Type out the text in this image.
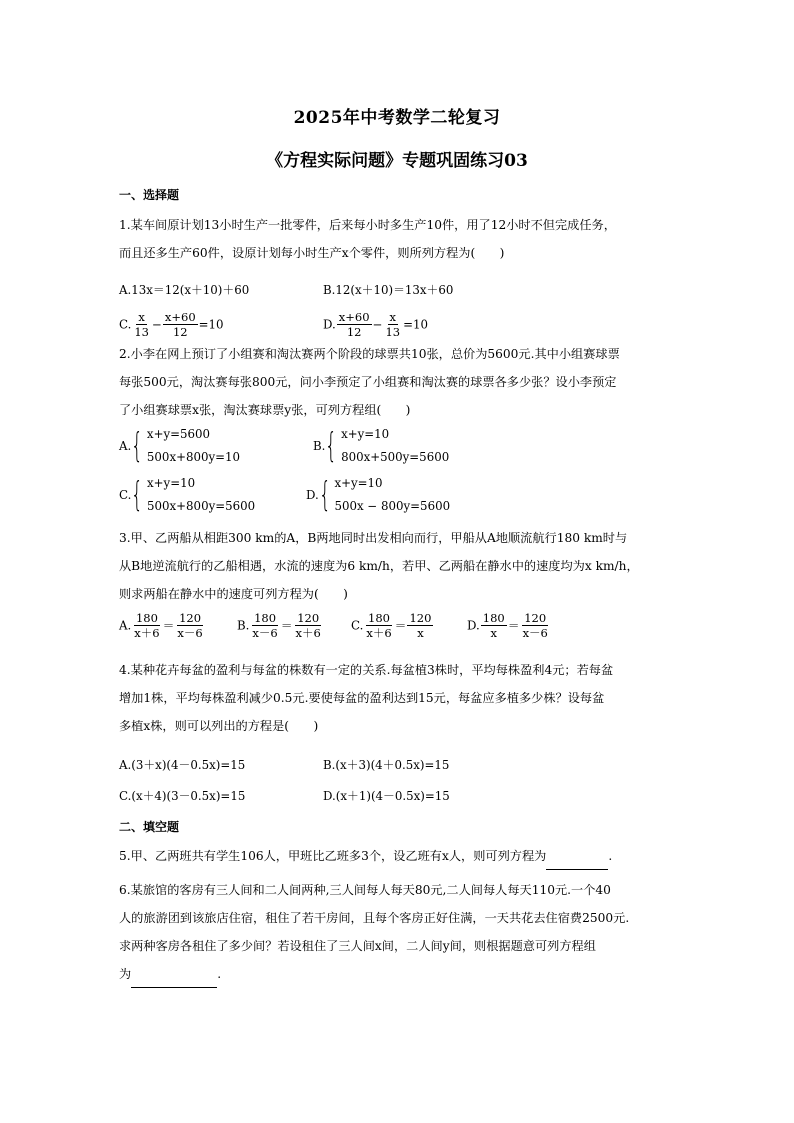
2025年中考数学二轮复习
《方程实际问题》专题巩固练习03
一、选择题
1.某车间原计划13小时生产一批零件，后来每小时多生产10件，用了12小时不但完成任务，
而且还多生产60件，设原计划每小时生产x个零件，则所列方程为(　　)
A.13x＝12(x＋10)＋60	B.12(x＋10)＝13x＋60
C. $\frac{x}{13} - \frac{x+60}{12} =10$	D. $\frac{x+60}{12} - \frac{x}{13} =10$
2.小李在网上预订了小组赛和淘汰赛两个阶段的球票共10张，总价为5600元.其中小组赛球票
每张500元，淘汰赛每张800元，问小李预定了小组赛和淘汰赛的球票各多少张？设小李预定
了小组赛球票x张，淘汰赛球票y张，可列方程组(　　)
A. { x+y=5600
500x+800y=10
B. { x+y=10
800x+500y=5600
C. { x+y=10
500x+800y=5600
D. { x+y=10
500x − 800y=5600
3.甲、乙两船从相距300 km的A，B两地同时出发相向而行，甲船从A地顺流航行180 km时与
从B地逆流航行的乙船相遇，水流的速度为6 km/h，若甲、乙两船在静水中的速度均为x km/h，
则求两船在静水中的速度可列方程为(　　)
A. $\frac{180}{x+6} = \frac{120}{x-6}$	B. $\frac{180}{x-6} = \frac{120}{x+6} C$. $\frac{180}{x+6} = \frac{120}{x}$	D. $\frac{180}{x} = \frac{120}{x-6}$
4.某种花卉每盆的盈利与每盆的株数有一定的关系.每盆植3株时，平均每株盈利4元；若每盆
增加1株，平均每株盈利减少0.5元.要使每盆的盈利达到15元，每盆应多植多少株？设每盆
多植x株，则可以列出的方程是(　　)
A.(3＋x)(4－0.5x)=15	B.(x＋3)(4＋0.5x)=15
C.(x＋4)(3－0.5x)=15	D.(x＋1)(4－0.5x)=15
二、填空题
5.甲、乙两班共有学生106人，甲班比乙班多3个，设乙班有x人，则可列方程为	.
6.某旅馆的客房有三人间和二人间两种,三人间每人每天80元,二人间每人每天110元.一个40
人的旅游团到该旅店住宿，租住了若干房间，且每个客房正好住满，一天共花去住宿费2500元.
求两种客房各租住了多少间？若设租住了三人间x间，二人间y间，则根据题意可列方程组
为	.
